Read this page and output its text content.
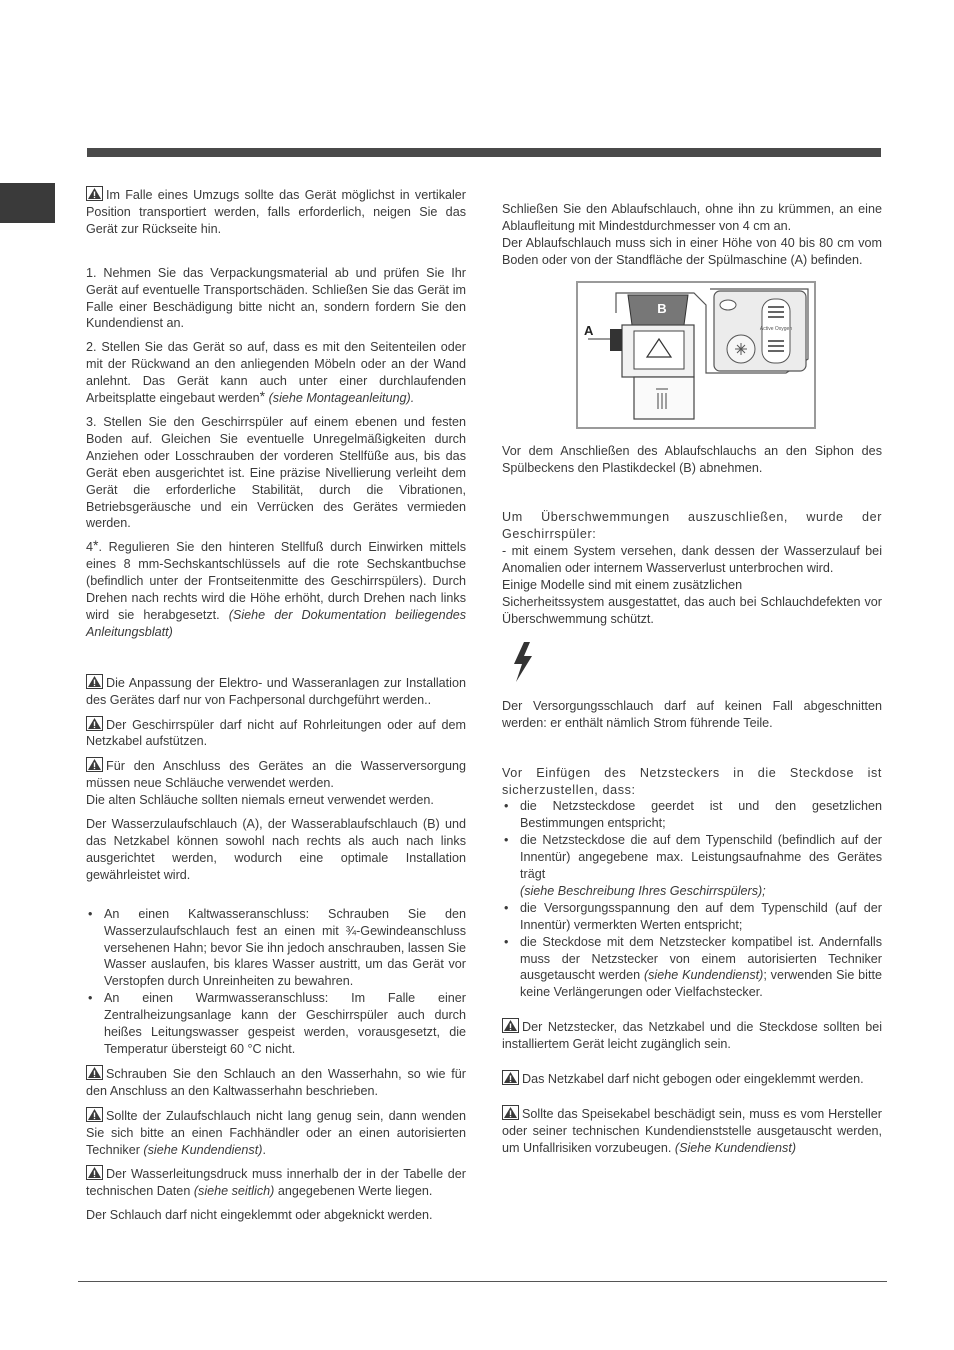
Im Falle eines Umzugs sollte das Gerät möglichst in vertikaler Position transportiert werden, falls erforderlich, neigen Sie das Gerät zur Rückseite hin.

1. Nehmen Sie das Verpackungsmaterial ab und prüfen Sie Ihr Gerät auf eventuelle Transportschäden. Schließen Sie das Gerät im Falle einer Beschädigung bitte nicht an, sondern fordern Sie den Kundendienst an.

2. Stellen Sie das Gerät so auf, dass es mit den Seitenteilen oder mit der Rückwand an den anliegenden Möbeln oder an der Wand anlehnt. Das Gerät kann auch unter einer durchlaufenden Arbeitsplatte eingebaut werden* (siehe Montageanleitung).

3. Stellen Sie den Geschirrspüler auf einem ebenen und festen Boden auf. Gleichen Sie eventuelle Unregelmäßigkeiten durch Anziehen oder Losschrauben der vorderen Stellfüße aus, bis das Gerät eben ausgerichtet ist. Eine präzise Nivellierung verleiht dem Gerät die erforderliche Stabilität, durch die Vibrationen, Betriebsgeräusche und ein Verrücken des Gerätes vermieden werden.

4*. Regulieren Sie den hinteren Stellfuß durch Einwirken mittels eines 8 mm-Sechskantschlüssels auf die rote Sechskantbuchse (befindlich unter der Frontseitenmitte des Geschirrspülers). Durch Drehen nach rechts wird die Höhe erhöht, durch Drehen nach links wird sie herabgesetzt. (Siehe der Dokumentation beiliegendes Anleitungsblatt)

Die Anpassung der Elektro- und Wasseranlagen zur Installation des Gerätes darf nur von Fachpersonal durchgeführt werden..

Der Geschirrspüler darf nicht auf Rohrleitungen oder auf dem Netzkabel aufstützen.

Für den Anschluss des Gerätes an die Wasserversorgung müssen neue Schläuche verwendet werden.

Die alten Schläuche sollten niemals erneut verwendet werden.

Der Wasserzulaufschlauch (A), der Wasserablaufschlauch (B) und das Netzkabel können sowohl nach rechts als auch nach links ausgerichtet werden, wodurch eine optimale Installation gewährleistet wird.

• An einen Kaltwasseranschluss: Schrauben Sie den Wasserzulaufschlauch fest an einen mit ¾-Gewindeanschluss versehenen Hahn; bevor Sie ihn jedoch anschrauben, lassen Sie Wasser auslaufen, bis klares Wasser austritt, um das Gerät vor Verstopfen durch Unreinheiten zu bewahren.
• An einen Warmwasseranschluss: Im Falle einer Zentralheizungsanlage kann der Geschirrspüler auch durch heißes Leitungswasser gespeist werden, vorausgesetzt, die Temperatur übersteigt 60 °C nicht.

Schrauben Sie den Schlauch an den Wasserhahn, so wie für den Anschluss an den Kaltwasserhahn beschrieben.

Sollte der Zulaufschlauch nicht lang genug sein, dann wenden Sie sich bitte an einen Fachhändler oder an einen autorisierten Techniker (siehe Kundendienst).

Der Wasserleitungsdruck muss innerhalb der in der Tabelle der technischen Daten (siehe seitlich) angegebenen Werte liegen.

Der Schlauch darf nicht eingeklemmt oder abgeknickt werden.

Schließen Sie den Ablaufschlauch, ohne ihn zu krümmen, an eine Ablaufleitung mit Mindestdurchmesser von 4 cm an.

Der Ablaufschlauch muss sich in einer Höhe von 40 bis 80 cm vom Boden oder von der Standfläche der Spülmaschine (A) befinden.

Active Oxygen
B
A

Vor dem Anschließen des Ablaufschlauchs an den Siphon des Spülbeckens den Plastikdeckel (B) abnehmen.

Um Überschwemmungen auszuschließen, wurde der Geschirrspüler:

- mit einem System versehen, dank dessen der Wasserzulauf bei Anomalien oder internem Wasserverlust unterbrochen wird.

Einige Modelle sind mit einem zusätzlichen

Sicherheitssystem ausgestattet, das auch bei Schlauchdefekten vor Überschwemmung schützt.

Der Versorgungsschlauch darf auf keinen Fall abgeschnitten werden: er enthält nämlich Strom führende Teile.

Vor Einfügen des Netzsteckers in die Steckdose ist sicherzustellen, dass:

• die Netzsteckdose geerdet ist und den gesetzlichen Bestimmungen entspricht;
• die Netzsteckdose die auf dem Typenschild (befindlich auf der Innentür) angegebene max. Leistungsaufnahme des Gerätes trägt
(siehe Beschreibung Ihres Geschirrspülers);
• die Versorgungsspannung den auf dem Typenschild (auf der Innentür) vermerkten Werten entspricht;
• die Steckdose mit dem Netzstecker kompatibel ist. Andernfalls muss der Netzstecker von einem autorisierten Techniker ausgetauscht werden (siehe Kundendienst); verwenden Sie bitte keine Verlängerungen oder Vielfachstecker.

Der Netzstecker, das Netzkabel und die Steckdose sollten bei installiertem Gerät leicht zugänglich sein.

Das Netzkabel darf nicht gebogen oder eingeklemmt werden.

Sollte das Speisekabel beschädigt sein, muss es vom Hersteller oder seiner technischen Kundendienststelle ausgetauscht werden, um Unfallrisiken vorzubeugen. (Siehe Kundendienst)
